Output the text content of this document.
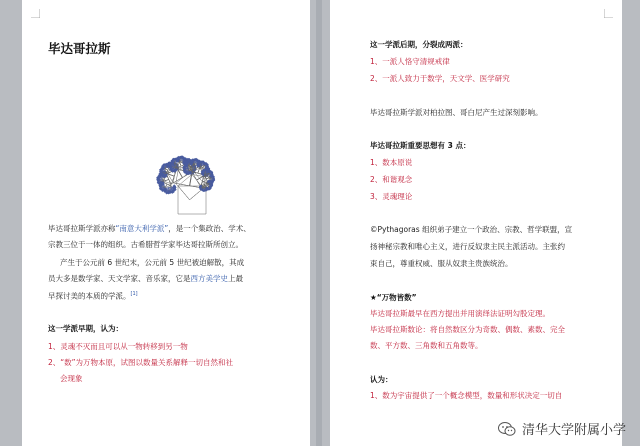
毕达哥拉斯
毕达哥拉斯学派亦称“南意大利学派”，是一个集政治、学术、
宗教三位于一体的组织。古希腊哲学家毕达哥拉斯所创立。
产生于公元前 6 世纪末，公元前 5 世纪被迫解散，其成
员大多是数学家、天文学家、音乐家，它是西方美学史上最
早探讨美的本质的学派。[1]
这一学派早期，认为：
1、灵魂不灭而且可以从一物转移到另一物
2、“数”为万物本原，试图以数量关系解释一切自然和社
会现象
这一学派后期，分裂成两派：
1、一派人恪守清规戒律
2、一派人致力于数学，天文学、医学研究
毕达哥拉斯学派对柏拉图、哥白尼产生过深刻影响。
毕达哥拉斯重要思想有 3 点：
1、数本原说
2、和谐观念
3、灵魂理论
©Pythagoras 组织弟子建立一个政治、宗教、哲学联盟，宣
扬神秘宗教和唯心主义，进行反奴隶主民主派活动。主张约
束自己，尊重权威、服从奴隶主贵族统治。
★“万物皆数”
毕达哥拉斯最早在西方提出并用演绎法证明勾股定理。
毕达哥拉斯数论：将自然数区分为奇数、偶数、素数、完全
数、平方数、三角数和五角数等。
认为：
1、数为宇宙提供了一个概念模型，数量和形状决定一切自
清华大学附属小学
